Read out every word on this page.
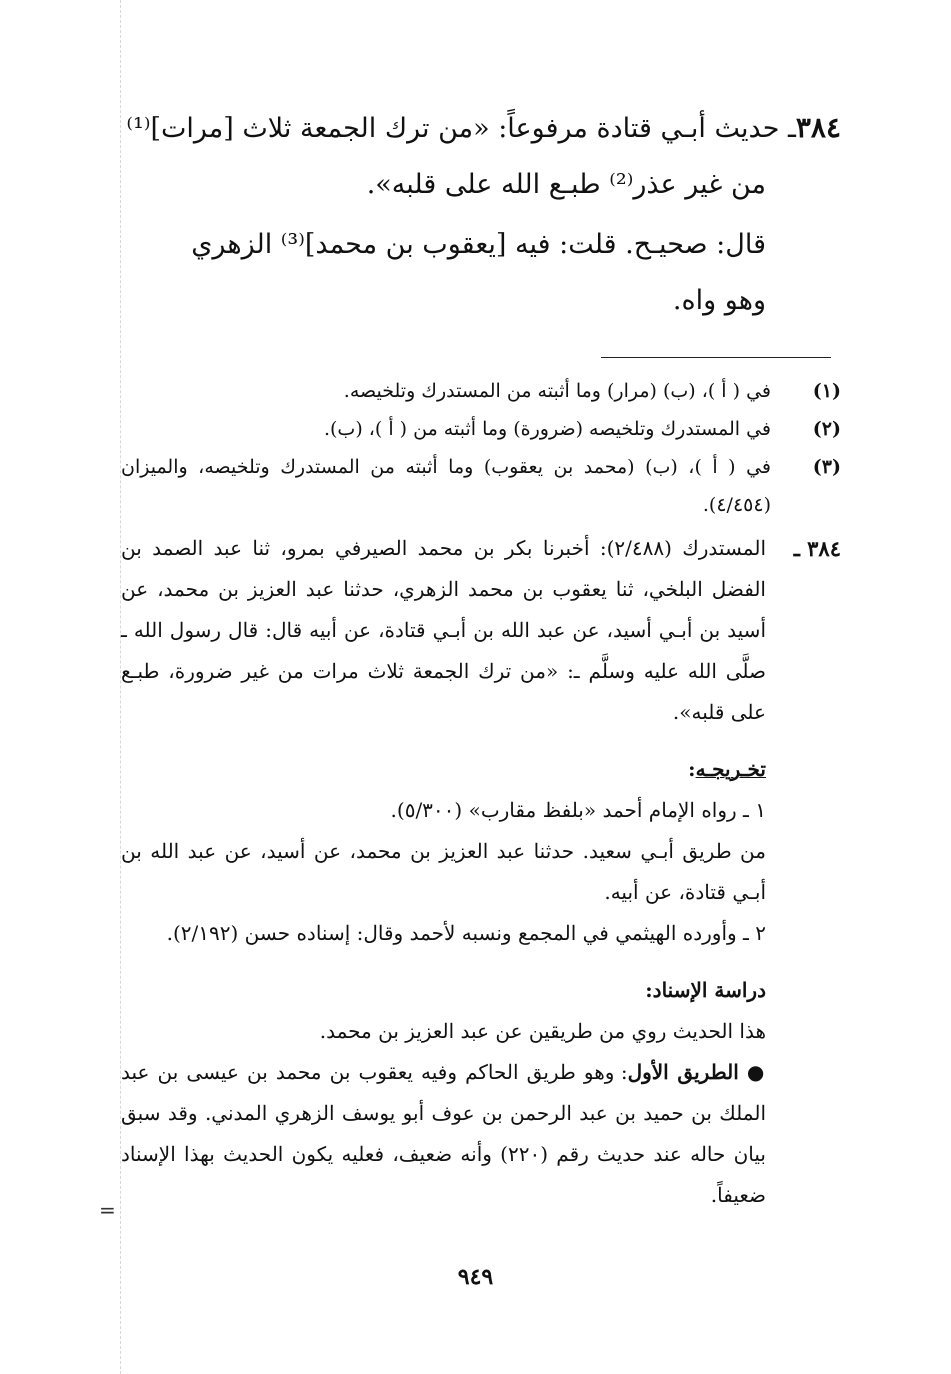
=

٣٨٤ـ حديث أبـي قتادة مرفوعاً: «من ترك الجمعة ثلاث [مرات]⁽¹⁾

من غير عذر⁽²⁾ طبـع الله على قلبه».

قال: صحيـح. قلت: فيه [يعقوب بن محمد]⁽³⁾ الزهري

وهو واه.

(١)
في ( أ )، (ب) (مرار) وما أثبته من المستدرك وتلخيصه.
(٢)
في المستدرك وتلخيصه (ضرورة) وما أثبته من ( أ )، (ب).
(٣)
في ( أ )، (ب) (محمد بن يعقوب) وما أثبته من المستدرك وتلخيصه، والميزان (٤/٤٥٤).
٣٨٤ ـ
المستدرك (٢/٤٨٨): أخبرنا بكر بن محمد الصيرفي بمرو، ثنا عبد الصمد بن الفضل البلخي، ثنا يعقوب بن محمد الزهري، حدثنا عبد العزيز بن محمد، عن أسيد بن أبـي أسيد، عن عبد الله بن أبـي قتادة، عن أبيه قال: قال رسول الله ـ صلَّى الله عليه وسلَّم ـ: «من ترك الجمعة ثلاث مرات من غير ضرورة، طبـع على قلبه».
تخـريجـه:
١ ـ رواه الإمام أحمد «بلفظ مقارب» (٥/٣٠٠).
من طريق أبـي سعيد. حدثنا عبد العزيز بن محمد، عن أسيد، عن عبد الله بن أبـي قتادة، عن أبيه.
٢ ـ وأورده الهيثمي في المجمع ونسبه لأحمد وقال: إسناده حسن (٢/١٩٢).
دراسة الإسناد:
هذا الحديث روي من طريقين عن عبد العزيز بن محمد.
● الطريق الأول: وهو طريق الحاكم وفيه يعقوب بن محمد بن عيسى بن عبد الملك بن حميد بن عبد الرحمن بن عوف أبو يوسف الزهري المدني. وقد سبق بيان حاله عند حديث رقم (٢٢٠) وأنه ضعيف، فعليه يكون الحديث بهذا الإسناد ضعيفاً.
٩٤٩
